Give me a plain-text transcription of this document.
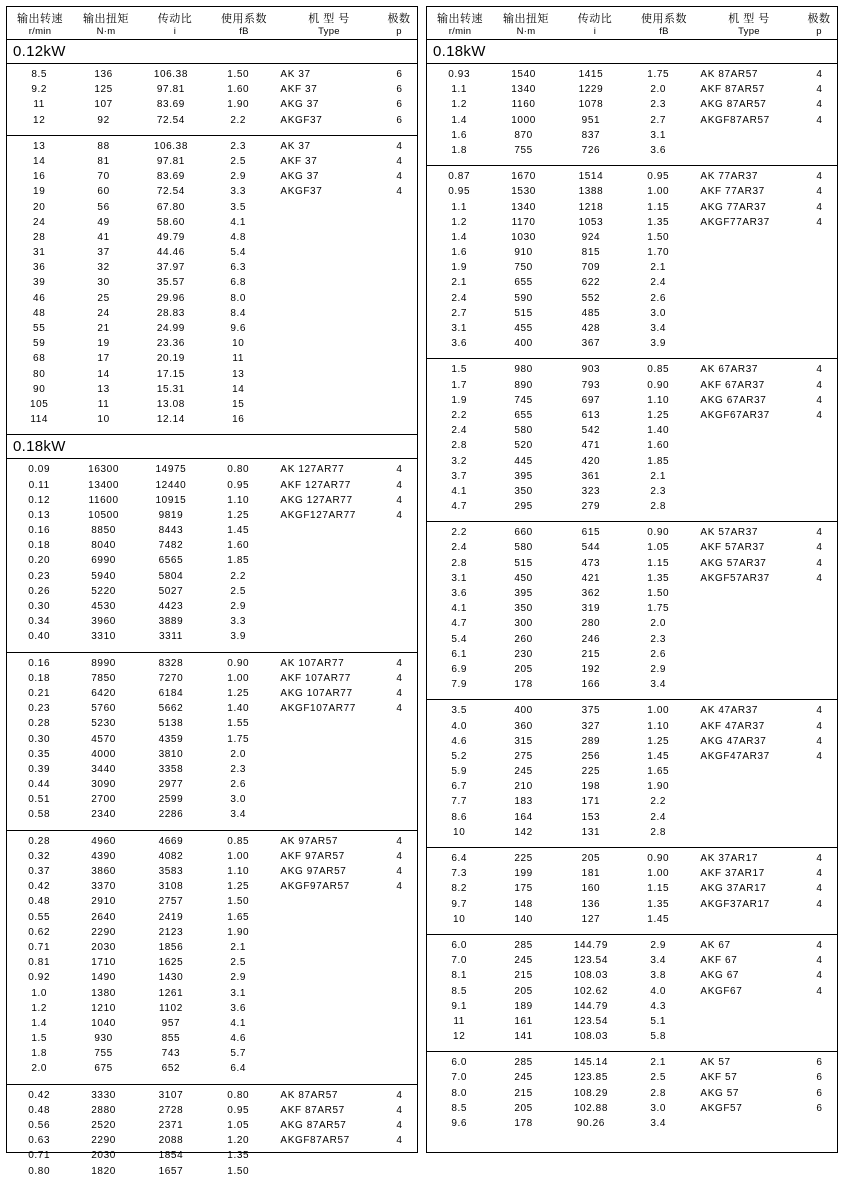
输出转速	输出扭矩	传动比	使用系数	机 型 号	极数
r/min	N·m	i	fB	Type	p
0.12kW
8.5	136	106.38	1.50	AK 37	6
9.2	125	97.81	1.60	AKF 37	6
11	107	83.69	1.90	AKG 37	6
12	92	72.54	2.2	AKGF37	6
13	88	106.38	2.3	AK 37	4
14	81	97.81	2.5	AKF 37	4
16	70	83.69	2.9	AKG 37	4
19	60	72.54	3.3	AKGF37	4
20	56	67.80	3.5
24	49	58.60	4.1
28	41	49.79	4.8
31	37	44.46	5.4
36	32	37.97	6.3
39	30	35.57	6.8
46	25	29.96	8.0
48	24	28.83	8.4
55	21	24.99	9.6
59	19	23.36	10
68	17	20.19	11
80	14	17.15	13
90	13	15.31	14
105	11	13.08	15
114	10	12.14	16
0.18kW
0.09	16300	14975	0.80	AK 127AR77	4
0.11	13400	12440	0.95	AKF 127AR77	4
0.12	11600	10915	1.10	AKG 127AR77	4
0.13	10500	9819	1.25	AKGF127AR77	4
0.16	8850	8443	1.45
0.18	8040	7482	1.60
0.20	6990	6565	1.85
0.23	5940	5804	2.2
0.26	5220	5027	2.5
0.30	4530	4423	2.9
0.34	3960	3889	3.3
0.40	3310	3311	3.9
0.16	8990	8328	0.90	AK 107AR77	4
0.18	7850	7270	1.00	AKF 107AR77	4
0.21	6420	6184	1.25	AKG 107AR77	4
0.23	5760	5662	1.40	AKGF107AR77	4
0.28	5230	5138	1.55
0.30	4570	4359	1.75
0.35	4000	3810	2.0
0.39	3440	3358	2.3
0.44	3090	2977	2.6
0.51	2700	2599	3.0
0.58	2340	2286	3.4
0.28	4960	4669	0.85	AK 97AR57	4
0.32	4390	4082	1.00	AKF 97AR57	4
0.37	3860	3583	1.10	AKG 97AR57	4
0.42	3370	3108	1.25	AKGF97AR57	4
0.48	2910	2757	1.50
0.55	2640	2419	1.65
0.62	2290	2123	1.90
0.71	2030	1856	2.1
0.81	1710	1625	2.5
0.92	1490	1430	2.9
1.0	1380	1261	3.1
1.2	1210	1102	3.6
1.4	1040	957	4.1
1.5	930	855	4.6
1.8	755	743	5.7
2.0	675	652	6.4
0.42	3330	3107	0.80	AK 87AR57	4
0.48	2880	2728	0.95	AKF 87AR57	4
0.56	2520	2371	1.05	AKG 87AR57	4
0.63	2290	2088	1.20	AKGF87AR57	4
0.71	2030	1854	1.35
0.80	1820	1657	1.50
输出转速	输出扭矩	传动比	使用系数	机 型 号	极数
r/min	N·m	i	fB	Type	p
0.18kW
0.93	1540	1415	1.75	AK 87AR57	4
1.1	1340	1229	2.0	AKF 87AR57	4
1.2	1160	1078	2.3	AKG 87AR57	4
1.4	1000	951	2.7	AKGF87AR57	4
1.6	870	837	3.1
1.8	755	726	3.6
0.87	1670	1514	0.95	AK 77AR37	4
0.95	1530	1388	1.00	AKF 77AR37	4
1.1	1340	1218	1.15	AKG 77AR37	4
1.2	1170	1053	1.35	AKGF77AR37	4
1.4	1030	924	1.50
1.6	910	815	1.70
1.9	750	709	2.1
2.1	655	622	2.4
2.4	590	552	2.6
2.7	515	485	3.0
3.1	455	428	3.4
3.6	400	367	3.9
1.5	980	903	0.85	AK 67AR37	4
1.7	890	793	0.90	AKF 67AR37	4
1.9	745	697	1.10	AKG 67AR37	4
2.2	655	613	1.25	AKGF67AR37	4
2.4	580	542	1.40
2.8	520	471	1.60
3.2	445	420	1.85
3.7	395	361	2.1
4.1	350	323	2.3
4.7	295	279	2.8
2.2	660	615	0.90	AK 57AR37	4
2.4	580	544	1.05	AKF 57AR37	4
2.8	515	473	1.15	AKG 57AR37	4
3.1	450	421	1.35	AKGF57AR37	4
3.6	395	362	1.50
4.1	350	319	1.75
4.7	300	280	2.0
5.4	260	246	2.3
6.1	230	215	2.6
6.9	205	192	2.9
7.9	178	166	3.4
3.5	400	375	1.00	AK 47AR37	4
4.0	360	327	1.10	AKF 47AR37	4
4.6	315	289	1.25	AKG 47AR37	4
5.2	275	256	1.45	AKGF47AR37	4
5.9	245	225	1.65
6.7	210	198	1.90
7.7	183	171	2.2
8.6	164	153	2.4
10	142	131	2.8
6.4	225	205	0.90	AK 37AR17	4
7.3	199	181	1.00	AKF 37AR17	4
8.2	175	160	1.15	AKG 37AR17	4
9.7	148	136	1.35	AKGF37AR17	4
10	140	127	1.45
6.0	285	144.79	2.9	AK 67	4
7.0	245	123.54	3.4	AKF 67	4
8.1	215	108.03	3.8	AKG 67	4
8.5	205	102.62	4.0	AKGF67	4
9.1	189	144.79	4.3
11	161	123.54	5.1
12	141	108.03	5.8
6.0	285	145.14	2.1	AK 57	6
7.0	245	123.85	2.5	AKF 57	6
8.0	215	108.29	2.8	AKG 57	6
8.5	205	102.88	3.0	AKGF57	6
9.6	178	90.26	3.4
